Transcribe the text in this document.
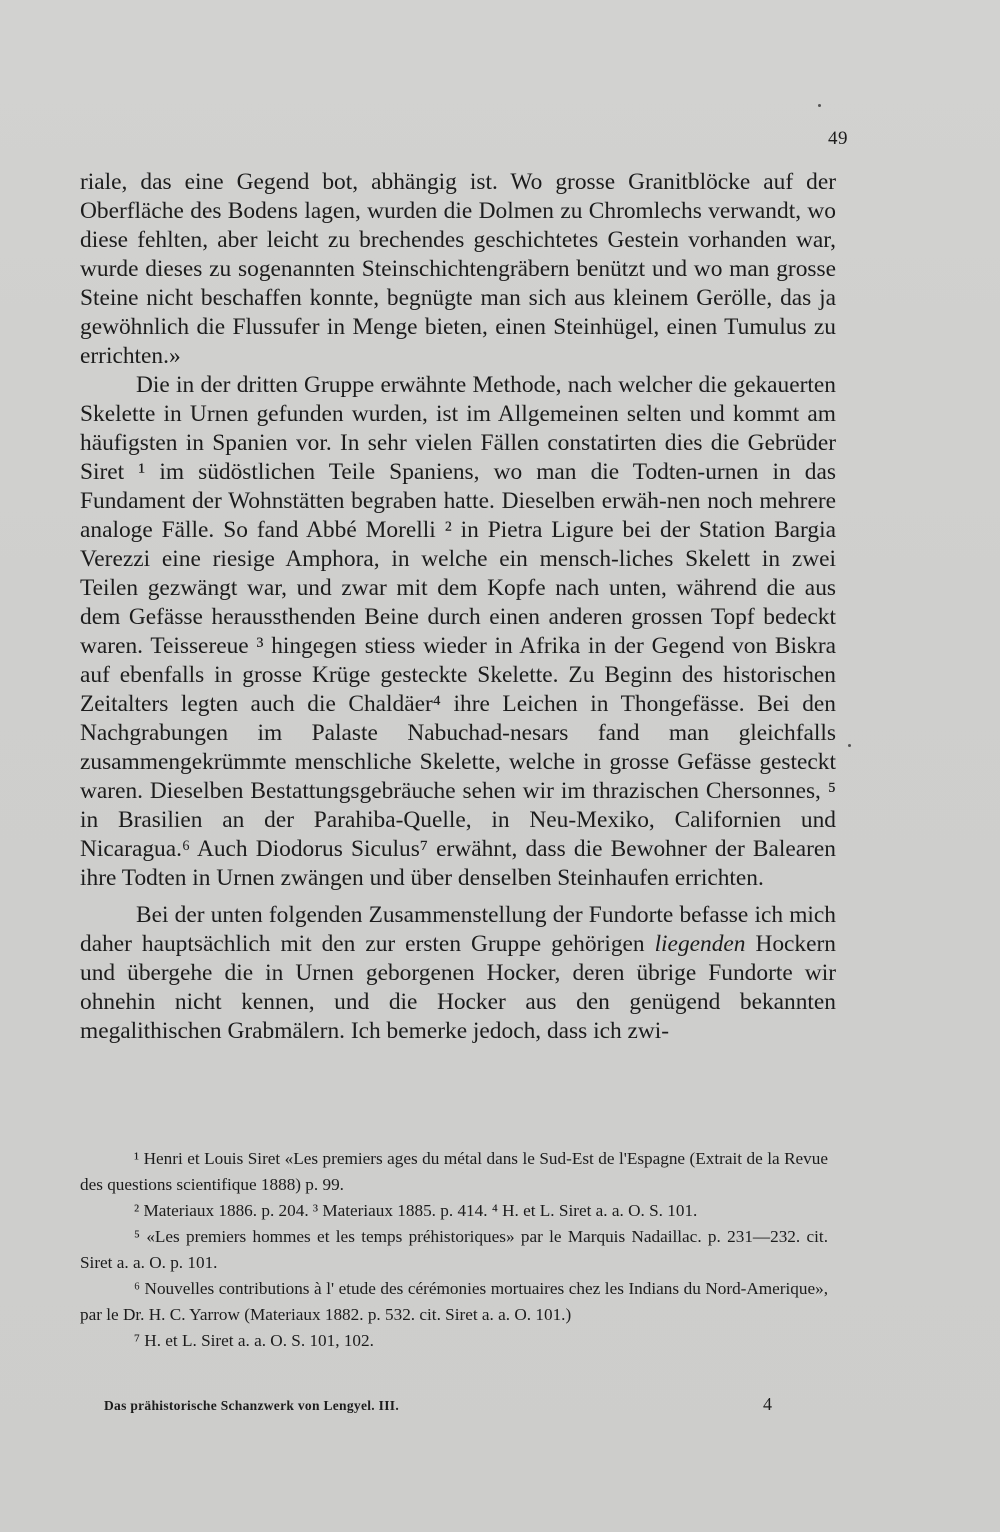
49

riale, das eine Gegend bot, abhängig ist. Wo grosse Granitblöcke auf der Oberfläche des Bodens lagen, wurden die Dolmen zu Chromlechs verwandt, wo diese fehlten, aber leicht zu brechendes geschichtetes Gestein vorhanden war, wurde dieses zu sogenannten Steinschichtengräbern benützt und wo man grosse Steine nicht beschaffen konnte, begnügte man sich aus kleinem Gerölle, das ja gewöhnlich die Flussufer in Menge bieten, einen Steinhügel, einen Tumulus zu errichten.»

Die in der dritten Gruppe erwähnte Methode, nach welcher die gekauerten Skelette in Urnen gefunden wurden, ist im Allgemeinen selten und kommt am häufigsten in Spanien vor. In sehr vielen Fällen constatirten dies die Gebrüder Siret ¹ im südöstlichen Teile Spaniens, wo man die Todten-urnen in das Fundament der Wohnstätten begraben hatte. Dieselben erwäh-nen noch mehrere analoge Fälle. So fand Abbé Morelli ² in Pietra Ligure bei der Station Bargia Verezzi eine riesige Amphora, in welche ein mensch-liches Skelett in zwei Teilen gezwängt war, und zwar mit dem Kopfe nach unten, während die aus dem Gefässe heraussthenden Beine durch einen anderen grossen Topf bedeckt waren. Teissereue ³ hingegen stiess wieder in Afrika in der Gegend von Biskra auf ebenfalls in grosse Krüge gesteckte Skelette. Zu Beginn des historischen Zeitalters legten auch die Chaldäer⁴ ihre Leichen in Thongefässe. Bei den Nachgrabungen im Palaste Nabuchad-nesars fand man gleichfalls zusammengekrümmte menschliche Skelette, welche in grosse Gefässe gesteckt waren. Dieselben Bestattungsgebräuche sehen wir im thrazischen Chersonnes, ⁵ in Brasilien an der Parahiba-Quelle, in Neu-Mexiko, Californien und Nicaragua.⁶ Auch Diodorus Siculus⁷ erwähnt, dass die Bewohner der Balearen ihre Todten in Urnen zwängen und über denselben Steinhaufen errichten.

Bei der unten folgenden Zusammenstellung der Fundorte befasse ich mich daher hauptsächlich mit den zur ersten Gruppe gehörigen liegenden Hockern und übergehe die in Urnen geborgenen Hocker, deren übrige Fundorte wir ohnehin nicht kennen, und die Hocker aus den genügend bekannten megalithischen Grabmälern. Ich bemerke jedoch, dass ich zwi-

¹ Henri et Louis Siret «Les premiers ages du métal dans le Sud-Est de l'Espagne (Extrait de la Revue des questions scientifique 1888) p. 99.

² Materiaux 1886. p. 204. ³ Materiaux 1885. p. 414. ⁴ H. et L. Siret a. a. O. S. 101.

⁵ «Les premiers hommes et les temps préhistoriques» par le Marquis Nadaillac. p. 231—232. cit. Siret a. a. O. p. 101.

⁶ Nouvelles contributions à l' etude des cérémonies mortuaires chez les Indians du Nord-Amerique», par le Dr. H. C. Yarrow (Materiaux 1882. p. 532. cit. Siret a. a. O. 101.)

⁷ H. et L. Siret a. a. O. S. 101, 102.

Das prähistorische Schanzwerk von Lengyel. III.	4
